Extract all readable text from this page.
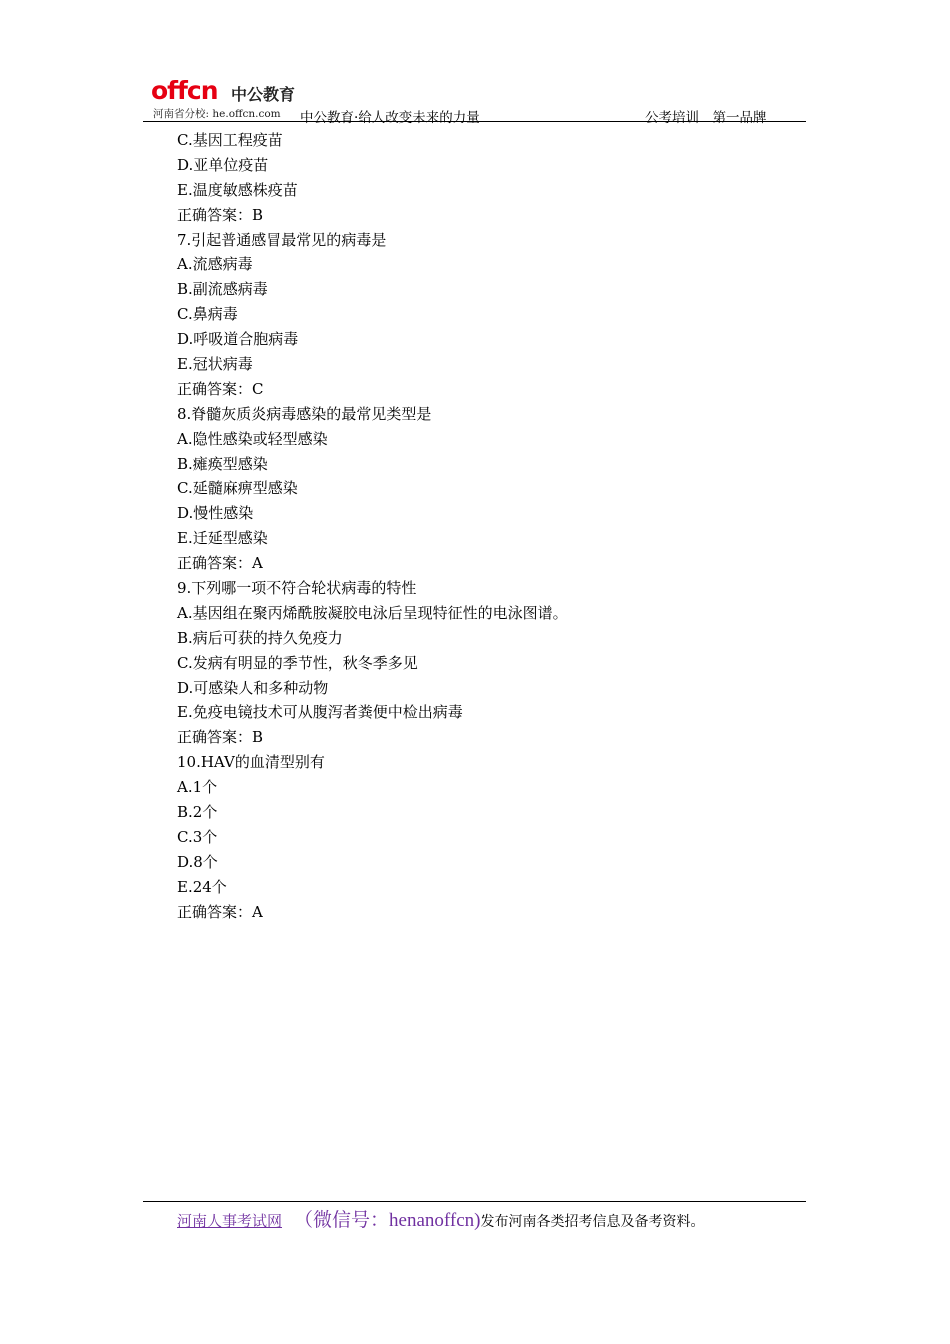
offcn 中公教育
河南省分校: he.offcn.com 中公教育·给人改变未来的力量	公考培训　第一品牌
C.基因工程疫苗
D.亚单位疫苗
E.温度敏感株疫苗
正确答案：B
7.引起普通感冒最常见的病毒是
A.流感病毒
B.副流感病毒
C.鼻病毒
D.呼吸道合胞病毒
E.冠状病毒
正确答案：C
8.脊髓灰质炎病毒感染的最常见类型是
A.隐性感染或轻型感染
B.瘫痪型感染
C.延髓麻痹型感染
D.慢性感染
E.迁延型感染
正确答案：A
9.下列哪一项不符合轮状病毒的特性
A.基因组在聚丙烯酰胺凝胶电泳后呈现特征性的电泳图谱。
B.病后可获的持久免疫力
C.发病有明显的季节性，秋冬季多见
D.可感染人和多种动物
E.免疫电镜技术可从腹泻者粪便中检出病毒
正确答案：B
10.HAV的血清型别有
A.1个
B.2个
C.3个
D.8个
E.24个
正确答案：A
河南人事考试网 （微信号：henanoffcn)发布河南各类招考信息及备考资料。
